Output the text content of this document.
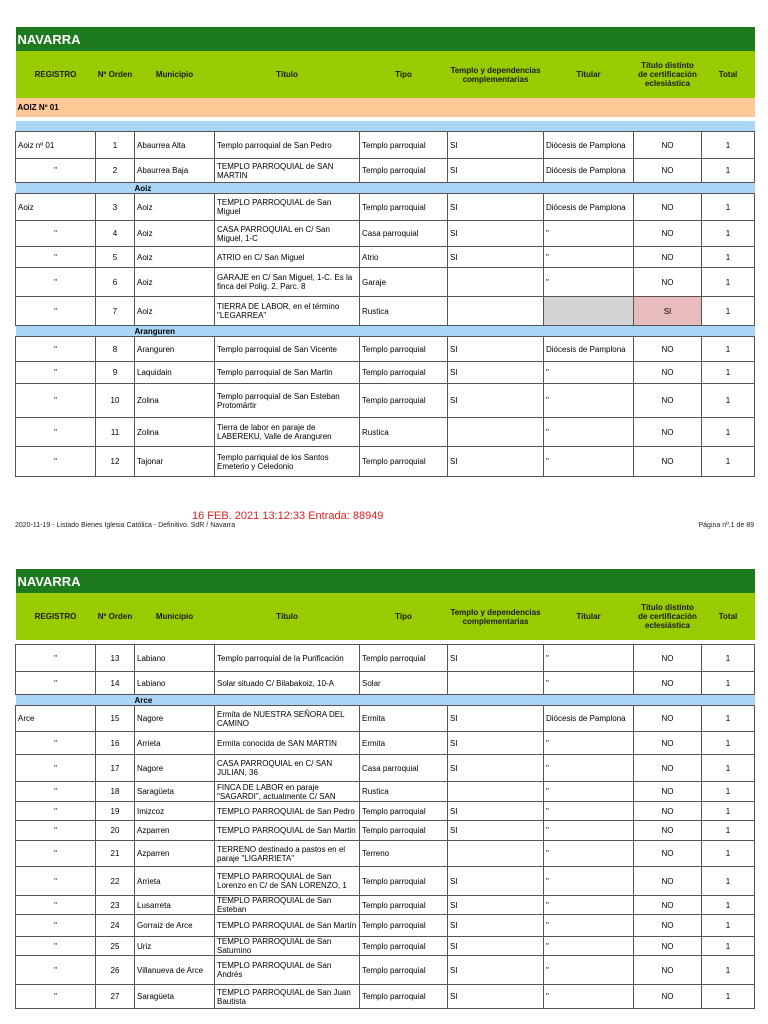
NAVARRA								
REGISTRO	Nº Orden	Municipio	Título	Tipo	Templo y dependencias complementarias	Titular	Título distinto de certificación eclesiástica	Total
AOIZ Nº 01								

Aoiz nº 01	1	Abaurrea Alta	Templo parroquial de San Pedro	Templo parroquial	SI	Diócesis de Pamplona	NO	1
"	2	Abaurrea Baja	TEMPLO PARROQUIAL de SAN MARTIN	Templo parroquial	SI	Diócesis de Pamplona	NO	1
		Aoiz						
Aoiz	3	Aoiz	TEMPLO PARROQUIAL de San Miguel	Templo parroquial	SI	Diócesis de Pamplona	NO	1
"	4	Aoiz	CASA PARROQUIAL en C/ San Miguel, 1-C	Casa parroquial	SI	"	NO	1
"	5	Aoiz	ATRIO en C/ San Miguel	Atrio	SI	"	NO	1
"	6	Aoiz	GARAJE en C/ San Miguel, 1-C. Es la finca del Polig. 2, Parc. 8	Garaje		"	NO	1
"	7	Aoiz	TIERRA DE LABOR, en el término "LEGARREA"	Rustica			SI	1
		Aranguren						
"	8	Aranguren	Templo parroquial de San Vicente	Templo parroquial	SI	Diócesis de Pamplona	NO	1
"	9	Laquidain	Templo parroquial de San Martin	Templo parroquial	SI	"	NO	1
"	10	Zolina	Templo parroquial de San Esteban Protomártir	Templo parroquial	SI	"	NO	1
"	11	Zolina	Tierra de labor en paraje de LABEREKU, Valle de Aranguren	Rustica		"	NO	1
"	12	Tajonar	Templo parriquial de los Santos Emeterio y Celedonio	Templo parroquial	SI	"	NO	1
16 FEB. 2021 13:12:33 Entrada: 88949
2020-11-19 - Listado Bienes Iglesia Católica - Definitivo. SdR / Navarra	Página nº.1 de 89
NAVARRA								
REGISTRO	Nº Orden	Municipio	Título	Tipo	Templo y dependencias complementarias	Titular	Título distinto de certificación eclesiástica	Total

"	13	Labiano	Templo parroquial de la Purificación	Templo parroquial	SI	"	NO	1
"	14	Labiano	Solar situado C/ Bilabakoiz, 10-A	Solar		"	NO	1
		Arce						
Arce	15	Nagore	Ermita de NUESTRA SEÑORA DEL CAMINO	Ermita	SI	Diócesis de Pamplona	NO	1
"	16	Arrieta	Ermita conocida de SAN MARTIN	Ermita	SI	"	NO	1
"	17	Nagore	CASA PARROQUIAL en C/ SAN JULIAN, 36	Casa parroquial	SI	"	NO	1
"	18	Saragüeta	FINCA DE LABOR en paraje "SAGARDI", actualmente C/ SAN	Rustica		"	NO	1
"	19	Imizcoz	TEMPLO PARROQUIAL de San Pedro	Templo parroquial	SI	"	NO	1
"	20	Azparren	TEMPLO PARROQUIAL de San Martin	Templo parroquial	SI	"	NO	1
"	21	Azparren	TERRENO destinado a pastos en el paraje "LIGARRIETA"	Terreno		"	NO	1
"	22	Arrieta	TEMPLO PARROQUIAL de San Lorenzo en C/ de SAN LORENZO, 1	Templo parroquial	SI	"	NO	1
"	23	Lusarreta	TEMPLO PARROQUIAL de San Esteban	Templo parroquial	SI	"	NO	1
"	24	Gorraiz de Arce	TEMPLO PARROQUIAL de San Martín	Templo parroquial	SI	"	NO	1
"	25	Uriz	TEMPLO PARROQUIAL de San Saturnino	Templo parroquial	SI	"	NO	1
"	26	Villanueva de Arce	TEMPLO PARROQUIAL de San Andrés	Templo parroquial	SI	"	NO	1
"	27	Saragüeta	TEMPLO PARROQUIAL de San Juan Bautista	Templo parroquial	SI	"	NO	1
